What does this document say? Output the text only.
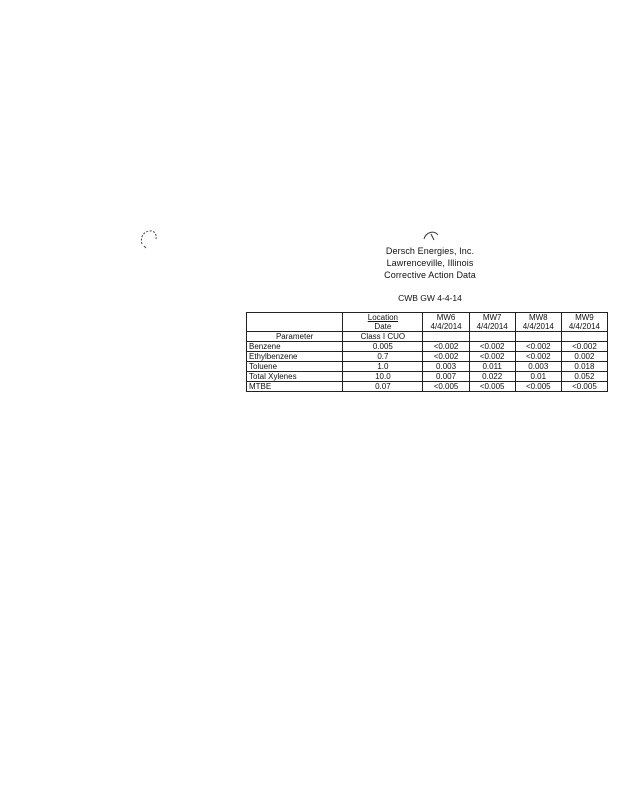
Dersch Energies, Inc.
Lawrenceville, Illinois
Corrective Action Data
CWB GW 4-4-14
	Location	MW6	MW7	MW8	MW9
	Date	4/4/2014	4/4/2014	4/4/2014	4/4/2014
Parameter	Class I CUO				
Benzene	0.005	<0.002	<0.002	<0.002	<0.002
Ethylbenzene	0.7	<0.002	<0.002	<0.002	0.002
Toluene	1.0	0.003	0.011	0.003	0.018
Total Xylenes	10.0	0.007	0.022	0.01	0.052
MTBE	0.07	<0.005	<0.005	<0.005	<0.005
